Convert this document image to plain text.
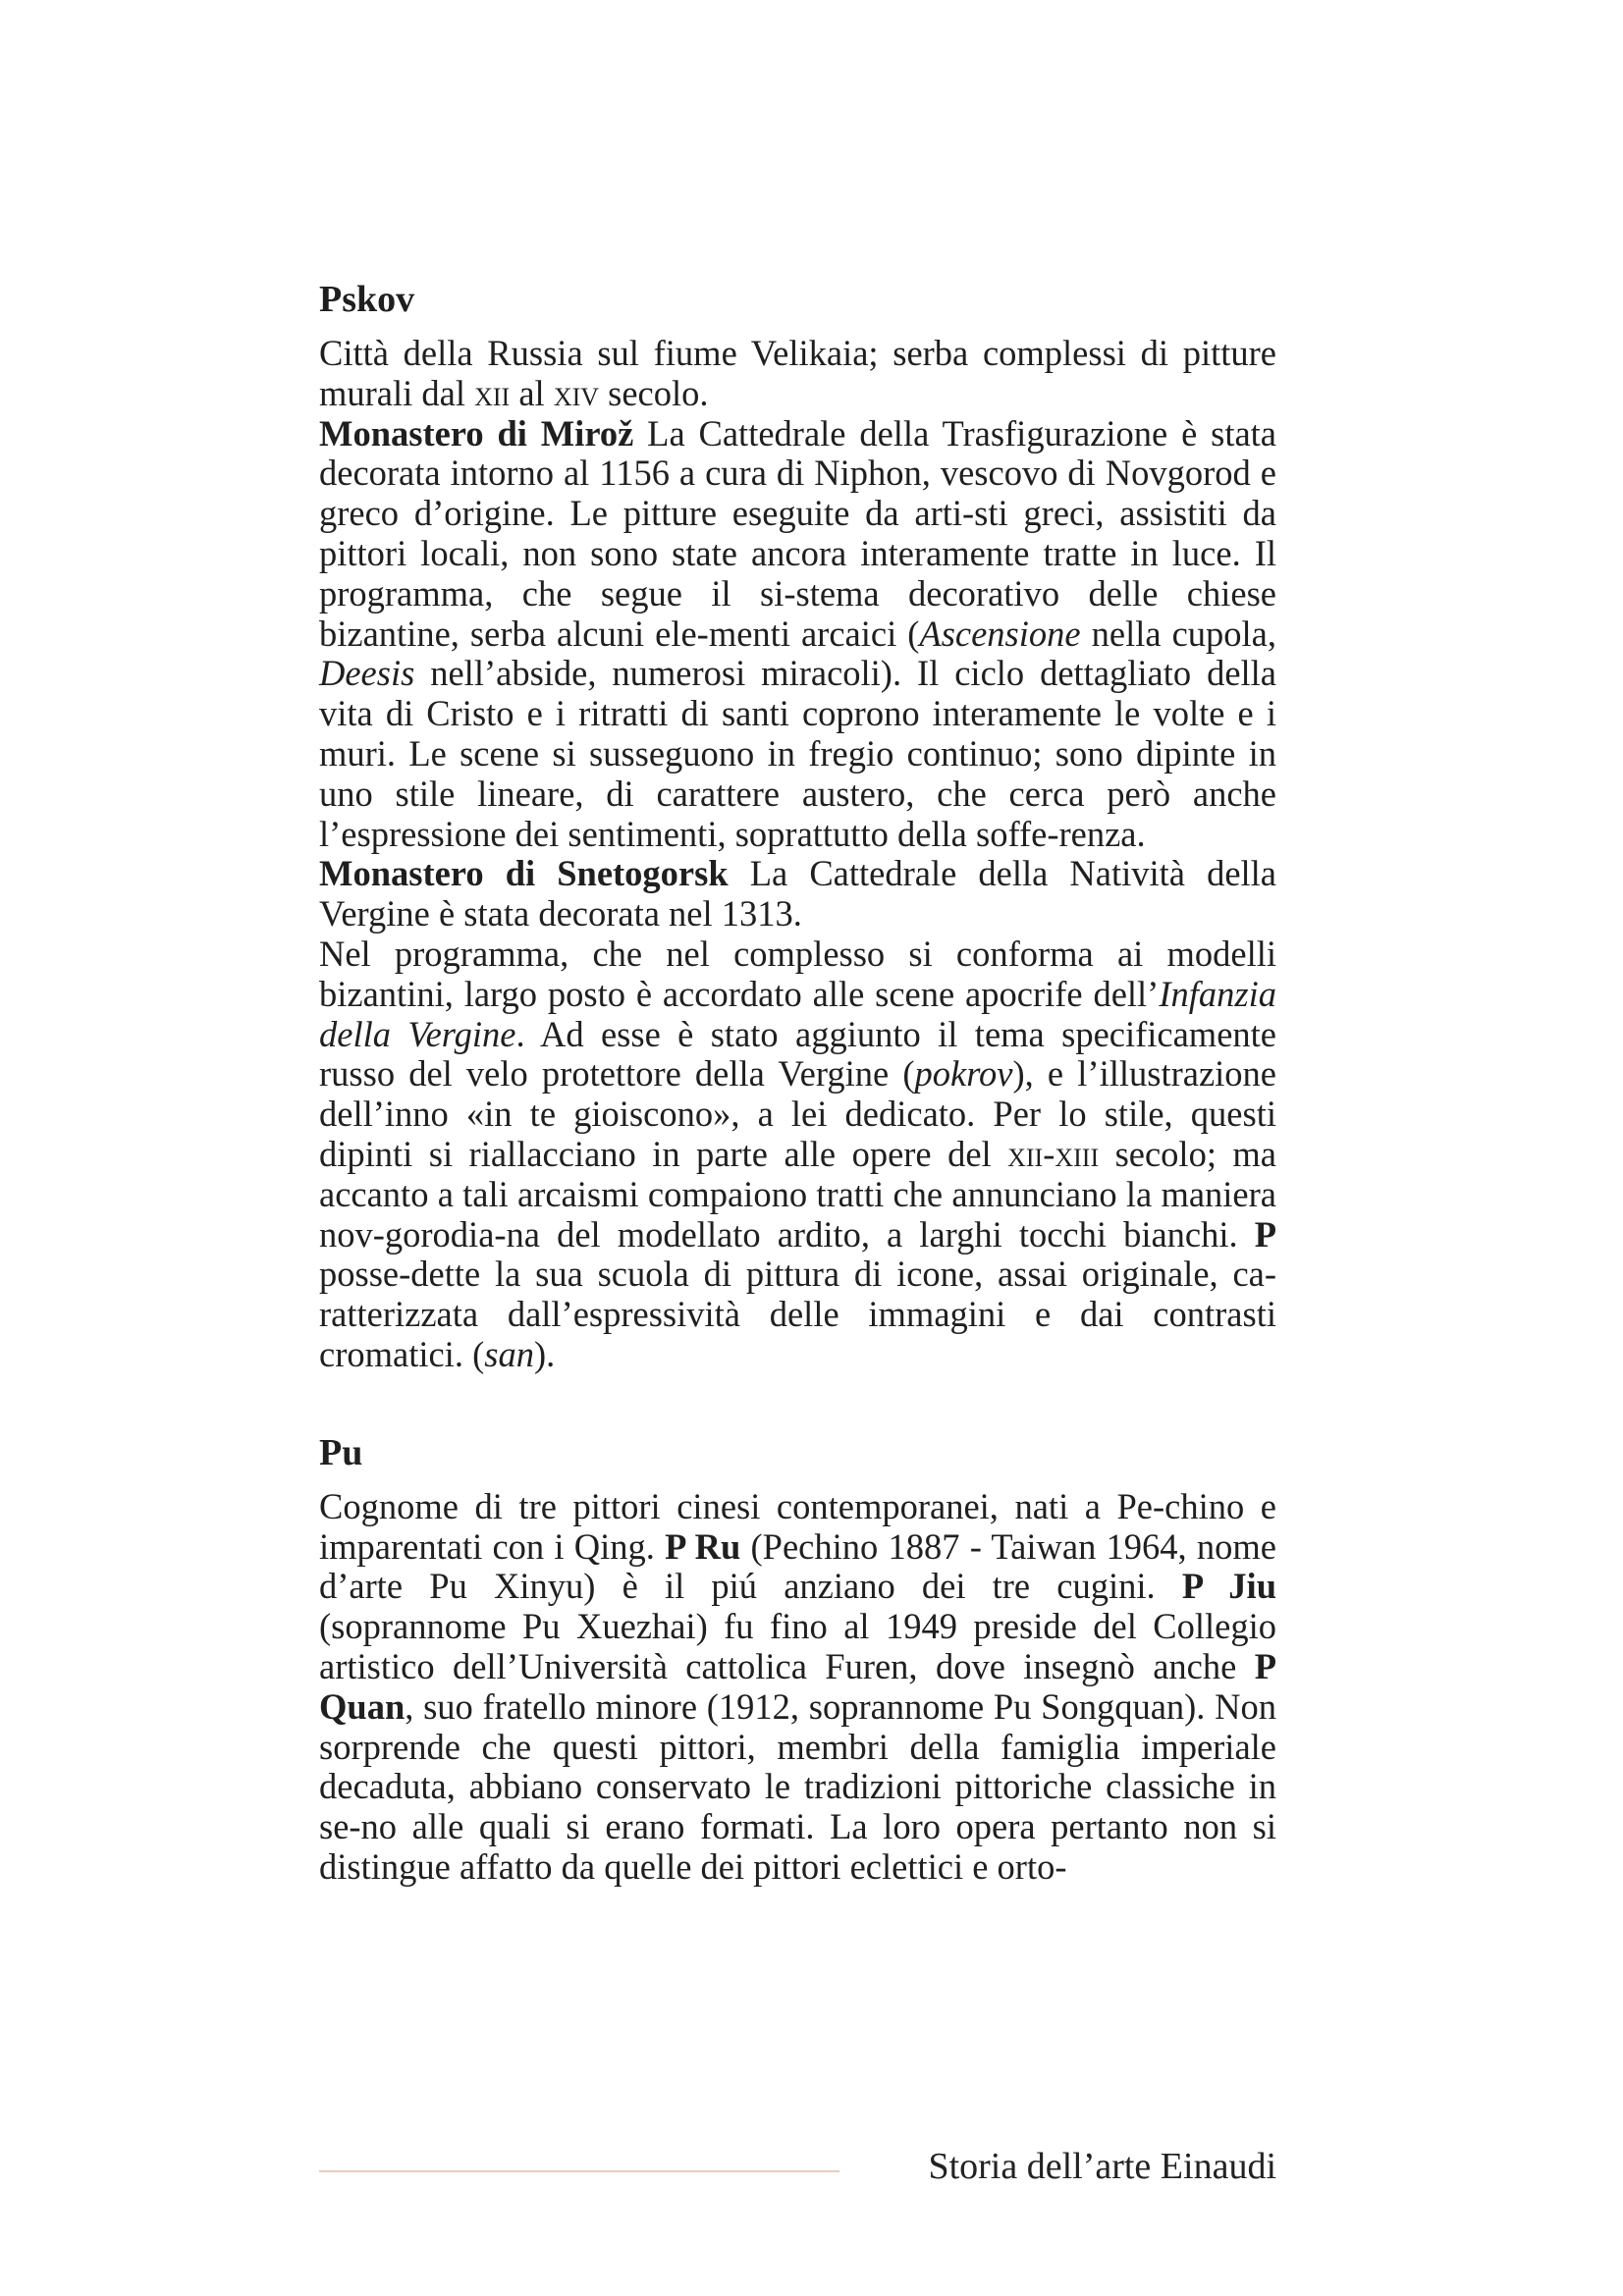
Pskov

Città della Russia sul fiume Velikaia; serba complessi di pitture murali dal xii al xiv secolo.

Monastero di Mirož La Cattedrale della Trasfigurazione è stata decorata intorno al 1156 a cura di Niphon, vescovo di Novgorod e greco d’origine. Le pitture eseguite da arti-sti greci, assistiti da pittori locali, non sono state ancora interamente tratte in luce. Il programma, che segue il si-stema decorativo delle chiese bizantine, serba alcuni ele-menti arcaici (Ascensione nella cupola, Deesis nell’abside, numerosi miracoli). Il ciclo dettagliato della vita di Cristo e i ritratti di santi coprono interamente le volte e i muri. Le scene si susseguono in fregio continuo; sono dipinte in uno stile lineare, di carattere austero, che cerca però anche l’espressione dei sentimenti, soprattutto della soffe-renza.

Monastero di Snetogorsk La Cattedrale della Natività della Vergine è stata decorata nel 1313.

Nel programma, che nel complesso si conforma ai modelli bizantini, largo posto è accordato alle scene apocrife dell’Infanzia della Vergine. Ad esse è stato aggiunto il tema specificamente russo del velo protettore della Vergine (pokrov), e l’illustrazione dell’inno «in te gioiscono», a lei dedicato. Per lo stile, questi dipinti si riallacciano in parte alle opere del xii-xiii secolo; ma accanto a tali arcaismi compaiono tratti che annunciano la maniera nov-gorodia-na del modellato ardito, a larghi tocchi bianchi. P posse-dette la sua scuola di pittura di icone, assai originale, ca-ratterizzata dall’espressività delle immagini e dai contrasti cromatici. (san).

Pu

Cognome di tre pittori cinesi contemporanei, nati a Pe-chino e imparentati con i Qing. P Ru (Pechino 1887 - Taiwan 1964, nome d’arte Pu Xinyu) è il piú anziano dei tre cugini. P Jiu (soprannome Pu Xuezhai) fu fino al 1949 preside del Collegio artistico dell’Università cattolica Furen, dove insegnò anche P Quan, suo fratello minore (1912, soprannome Pu Songquan). Non sorprende che questi pittori, membri della famiglia imperiale decaduta, abbiano conservato le tradizioni pittoriche classiche in se-no alle quali si erano formati. La loro opera pertanto non si distingue affatto da quelle dei pittori eclettici e orto-

Storia dell’arte Einaudi
